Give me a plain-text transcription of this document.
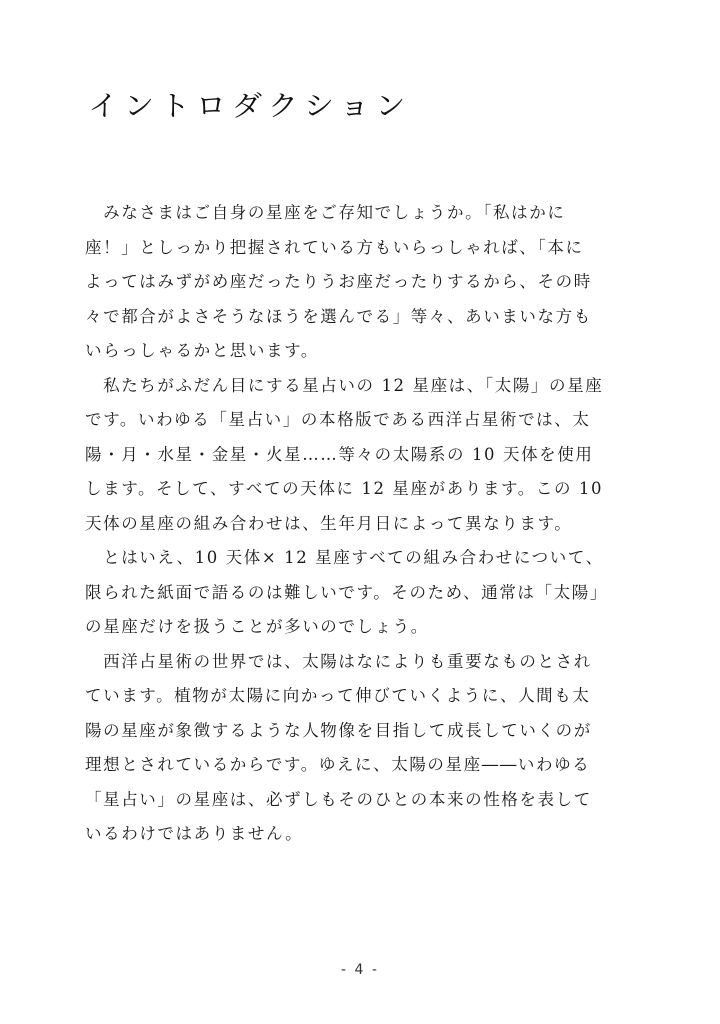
イントロダクション
　みなさまはご自身の星座をご存知でしょうか。「私はかに
座！」としっかり把握されている方もいらっしゃれば、「本に
よってはみずがめ座だったりうお座だったりするから、その時
々で都合がよさそうなほうを選んでる」等々、あいまいな方も
いらっしゃるかと思います。
　私たちがふだん目にする星占いの 12 星座は、「太陽」の星座
です。いわゆる「星占い」の本格版である西洋占星術では、太
陽・月・水星・金星・火星……等々の太陽系の 10 天体を使用
します。そして、すべての天体に 12 星座があります。この 10
天体の星座の組み合わせは、生年月日によって異なります。
　とはいえ、10 天体× 12 星座すべての組み合わせについて、
限られた紙面で語るのは難しいです。そのため、通常は「太陽」
の星座だけを扱うことが多いのでしょう。
　西洋占星術の世界では、太陽はなによりも重要なものとされ
ています。植物が太陽に向かって伸びていくように、人間も太
陽の星座が象徴するような人物像を目指して成長していくのが
理想とされているからです。ゆえに、太陽の星座――いわゆる
「星占い」の星座は、必ずしもそのひとの本来の性格を表して
いるわけではありません。
- 4 -
